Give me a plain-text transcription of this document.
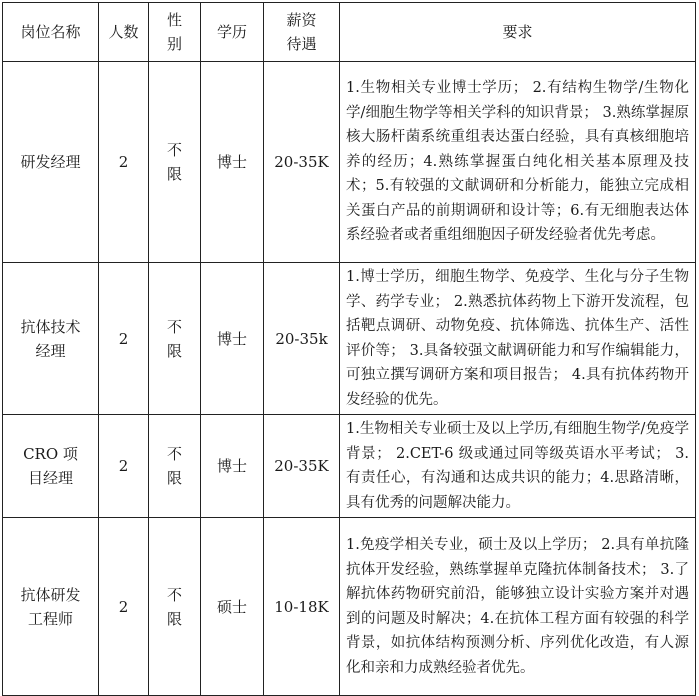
岗位名称	人数	性别	学历	薪资待遇	要求
研发经理	2	不限	博士	20-35K	1.生物相关专业博士学历； 2.有结构生物学/生物化学/细胞生物学等相关学科的知识背景； 3.熟练掌握原核大肠杆菌系统重组表达蛋白经验，具有真核细胞培养的经历；4.熟练掌握蛋白纯化相关基本原理及技术；5.有较强的文献调研和分析能力，能独立完成相关蛋白产品的前期调研和设计等；6.有无细胞表达体系经验者或者重组细胞因子研发经验者优先考虑。
抗体技术经理	2	不限	博士	20-35k	1.博士学历，细胞生物学、免疫学、生化与分子生物学、药学专业； 2.熟悉抗体药物上下游开发流程，包括靶点调研、动物免疫、抗体筛选、抗体生产、活性评价等； 3.具备较强文献调研能力和写作编辑能力，可独立撰写调研方案和项目报告； 4.具有抗体药物开发经验的优先。
CRO 项目经理	2	不限	博士	20-35K	1.生物相关专业硕士及以上学历,有细胞生物学/免疫学背景； 2.CET-6 级或通过同等级英语水平考试； 3.有责任心，有沟通和达成共识的能力；4.思路清晰，具有优秀的问题解决能力。
抗体研发工程师	2	不限	硕士	10-18K	1.免疫学相关专业，硕士及以上学历； 2.具有单抗隆抗体开发经验，熟练掌握单克隆抗体制备技术； 3.了解抗体药物研究前沿，能够独立设计实验方案并对遇到的问题及时解决；4.在抗体工程方面有较强的科学背景，如抗体结构预测分析、序列优化改造，有人源化和亲和力成熟经验者优先。
